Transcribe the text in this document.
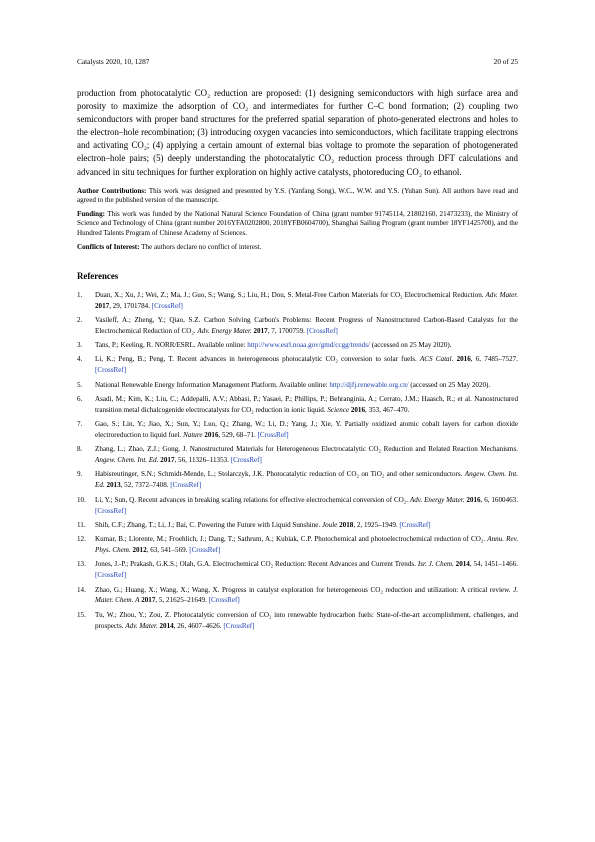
Catalysts 2020, 10, 1287	20 of 25

production from photocatalytic CO₂ reduction are proposed: (1) designing semiconductors with high surface area and porosity to maximize the adsorption of CO₂ and intermediates for further C–C bond formation; (2) coupling two semiconductors with proper band structures for the preferred spatial separation of photo-generated electrons and holes to the electron–hole recombination; (3) introducing oxygen vacancies into semiconductors, which facilitate trapping electrons and activating CO₂; (4) applying a certain amount of external bias voltage to promote the separation of photogenerated electron–hole pairs; (5) deeply understanding the photocatalytic CO₂ reduction process through DFT calculations and advanced in situ techniques for further exploration on highly active catalysts, photoreducing CO₂ to ethanol.

Author Contributions: This work was designed and presented by Y.S. (Yanfang Song), W.C., W.W. and Y.S. (Yuhan Sun). All authors have read and agreed to the published version of the manuscript.

Funding: This work was funded by the National Natural Science Foundation of China (grant number 91745114, 21802160, 21473233), the Ministry of Science and Technology of China (grant number 2016YFA0202800, 2018YFB0604700), Shanghai Sailing Program (grant number 18YF1425700), and the Hundred Talents Program of Chinese Academy of Sciences.

Conflicts of Interest: The authors declare no conflict of interest.

References
1.	Duan, X.; Xu, J.; Wei, Z.; Ma, J.; Guo, S.; Wang, S.; Liu, H.; Dou, S. Metal-Free Carbon Materials for CO₂ Electrochemical Reduction. Adv. Mater. 2017, 29, 1701784. [CrossRef]
2.	Vasileff, A.; Zheng, Y.; Qiao, S.Z. Carbon Solving Carbon's Problems: Recent Progress of Nanostructured Carbon-Based Catalysts for the Electrochemical Reduction of CO₂. Adv. Energy Mater. 2017, 7, 1700759. [CrossRef]
3.	Tans, P.; Keeling, R. NORR/ESRL. Available online: http://www.esrl.noaa.gov/gmd/ccgg/trends/ (accessed on 25 May 2020).
4.	Li, K.; Peng, B.; Peng, T. Recent advances in heterogeneous photocatalytic CO₂ conversion to solar fuels. ACS Catal. 2016, 6, 7485–7527. [CrossRef]
5.	National Renewable Energy Information Management Platform. Available online: http://djfj.renewable.org.cn/ (accessed on 25 May 2020).
6.	Asadi, M.; Kim, K.; Liu, C.; Addepalli, A.V.; Abbasi, P.; Yasaei, P.; Phillips, P.; Behranginia, A.; Cerrato, J.M.; Haasch, R.; et al. Nanostructured transition metal dichalcogenide electrocatalysts for CO₂ reduction in ionic liquid. Science 2016, 353, 467–470.
7.	Gao, S.; Lin, Y.; Jiao, X.; Sun, Y.; Luo, Q.; Zhang, W.; Li, D.; Yang, J.; Xie, Y. Partially oxidized atomic cobalt layers for carbon dioxide electroreduction to liquid fuel. Nature 2016, 529, 68–71. [CrossRef]
8.	Zhang, L.; Zhao, Z.J.; Gong, J. Nanostructured Materials for Heterogeneous Electrocatalytic CO₂ Reduction and Related Reaction Mechanisms. Angew. Chem. Int. Ed. 2017, 56, 11326–11353. [CrossRef]
9.	Habisreutinger, S.N.; Schmidt-Mende, L.; Stolarczyk, J.K. Photocatalytic reduction of CO₂ on TiO₂ and other semiconductors. Angew. Chem. Int. Ed. 2013, 52, 7372–7408. [CrossRef]
10.	Li, Y.; Sun, Q. Recent advances in breaking scaling relations for effective electrochemical conversion of CO₂. Adv. Energy Mater. 2016, 6, 1600463. [CrossRef]
11.	Shih, C.F.; Zhang, T.; Li, J.; Bai, C. Powering the Future with Liquid Sunshine. Joule 2018, 2, 1925–1949. [CrossRef]
12.	Kumar, B.; Llorente, M.; Froehlich, J.; Dang, T.; Sathrum, A.; Kubiak, C.P. Photochemical and photoelectrochemical reduction of CO₂. Annu. Rev. Phys. Chem. 2012, 63, 541–569. [CrossRef]
13.	Jones, J.-P.; Prakash, G.K.S.; Olah, G.A. Electrochemical CO₂ Reduction: Recent Advances and Current Trends. Isr. J. Chem. 2014, 54, 1451–1466. [CrossRef]
14.	Zhao, G.; Huang, X.; Wang, X.; Wang, X. Progress in catalyst exploration for heterogeneous CO₂ reduction and utilization: A critical review. J. Mater. Chem. A 2017, 5, 21625–21649. [CrossRef]
15.	Tu, W.; Zhou, Y.; Zou, Z. Photocatalytic conversion of CO₂ into renewable hydrocarbon fuels: State-of-the-art accomplishment, challenges, and prospects. Adv. Mater. 2014, 26, 4607–4626. [CrossRef]
